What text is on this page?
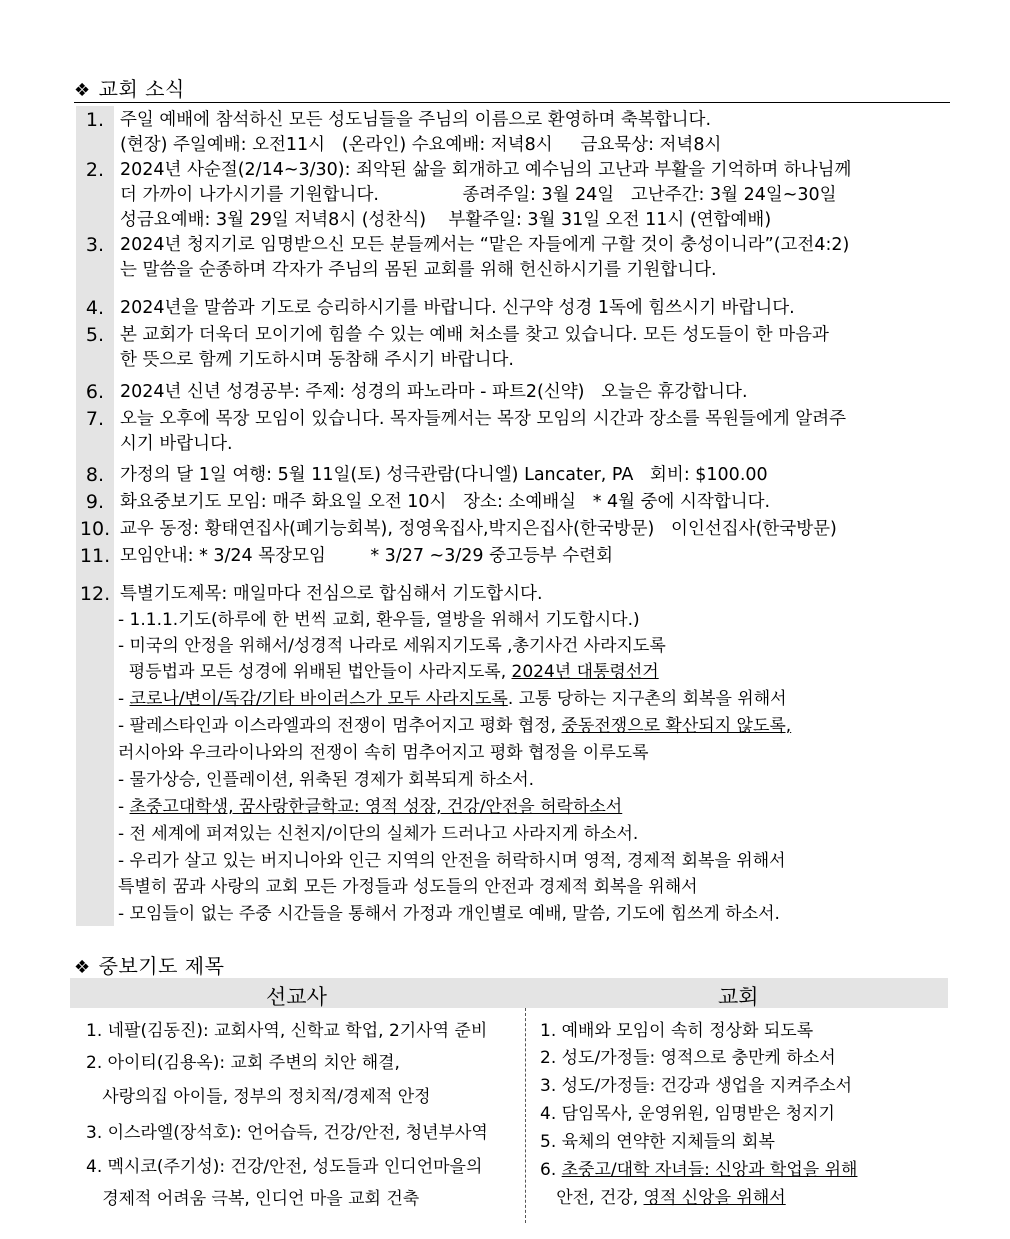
❖ 교회 소식
1. 주일 예배에 참석하신 모든 성도님들을 주님의 이름으로 환영하며 축복합니다.
(현장) 주일예배: 오전11시   (온라인) 수요예배: 저녁8시     금요묵상: 저녁8시
2. 2024년 사순절(2/14~3/30): 죄악된 삶을 회개하고 예수님의 고난과 부활을 기억하며 하나님께
더 가까이 나가시기를 기원합니다.               종려주일: 3월 24일   고난주간: 3월 24일~30일
성금요예배: 3월 29일 저녁8시 (성찬식)    부활주일: 3월 31일 오전 11시 (연합예배)
3. 2024년 청지기로 임명받으신 모든 분들께서는 “맡은 자들에게 구할 것이 충성이니라”(고전4:2)
는 말씀을 순종하며 각자가 주님의 몸된 교회를 위해 헌신하시기를 기원합니다.
4. 2024년을 말씀과 기도로 승리하시기를 바랍니다. 신구약 성경 1독에 힘쓰시기 바랍니다.
5. 본 교회가 더욱더 모이기에 힘쓸 수 있는 예배 처소를 찾고 있습니다. 모든 성도들이 한 마음과
한 뜻으로 함께 기도하시며 동참해 주시기 바랍니다.
6. 2024년 신년 성경공부: 주제: 성경의 파노라마 - 파트2(신약)   오늘은 휴강합니다.
7. 오늘 오후에 목장 모임이 있습니다. 목자들께서는 목장 모임의 시간과 장소를 목원들에게 알려주
시기 바랍니다.
8. 가정의 달 1일 여행: 5월 11일(토) 성극관람(다니엘) Lancater, PA   회비: $100.00
9. 화요중보기도 모임: 매주 화요일 오전 10시   장소: 소예배실   * 4월 중에 시작합니다.
10. 교우 동정: 황태연집사(폐기능회복), 정영욱집사,박지은집사(한국방문)   이인선집사(한국방문)
11. 모임안내: * 3/24 목장모임        * 3/27 ~3/29 중고등부 수련회
12. 특별기도제목: 매일마다 전심으로 합심해서 기도합시다.
- 1.1.1.기도(하루에 한 번씩 교회, 환우들, 열방을 위해서 기도합시다.)
- 미국의 안정을 위해서/성경적 나라로 세워지기도록 ,총기사건 사라지도록
평등법과 모든 성경에 위배된 법안들이 사라지도록, 2024년 대통령선거
- 코로나/변이/독감/기타 바이러스가 모두 사라지도록. 고통 당하는 지구촌의 회복을 위해서
- 팔레스타인과 이스라엘과의 전쟁이 멈추어지고 평화 협정, 중동전쟁으로 확산되지 않도록,
러시아와 우크라이나와의 전쟁이 속히 멈추어지고 평화 협정을 이루도록
- 물가상승, 인플레이션, 위축된 경제가 회복되게 하소서.
- 초중고대학생, 꿈사랑한글학교: 영적 성장, 건강/안전을 허락하소서
- 전 세계에 퍼져있는 신천지/이단의 실체가 드러나고 사라지게 하소서.
- 우리가 살고 있는 버지니아와 인근 지역의 안전을 허락하시며 영적, 경제적 회복을 위해서
특별히 꿈과 사랑의 교회 모든 가정들과 성도들의 안전과 경제적 회복을 위해서
- 모임들이 없는 주중 시간들을 통해서 가정과 개인별로 예배, 말씀, 기도에 힘쓰게 하소서.
❖ 중보기도 제목
선교사	교회
1. 네팔(김동진): 교회사역, 신학교 학업, 2기사역 준비
2. 아이티(김용옥): 교회 주변의 치안 해결,
사랑의집 아이들, 정부의 정치적/경제적 안정
3. 이스라엘(장석호): 언어습득, 건강/안전, 청년부사역
4. 멕시코(주기성): 건강/안전, 성도들과 인디언마을의
경제적 어려움 극복, 인디언 마을 교회 건축
1. 예배와 모임이 속히 정상화 되도록
2. 성도/가정들: 영적으로 충만케 하소서
3. 성도/가정들: 건강과 생업을 지켜주소서
4. 담임목사, 운영위원, 임명받은 청지기
5. 육체의 연약한 지체들의 회복
6. 초중고/대학 자녀들: 신앙과 학업을 위해
안전, 건강, 영적 신앙을 위해서
